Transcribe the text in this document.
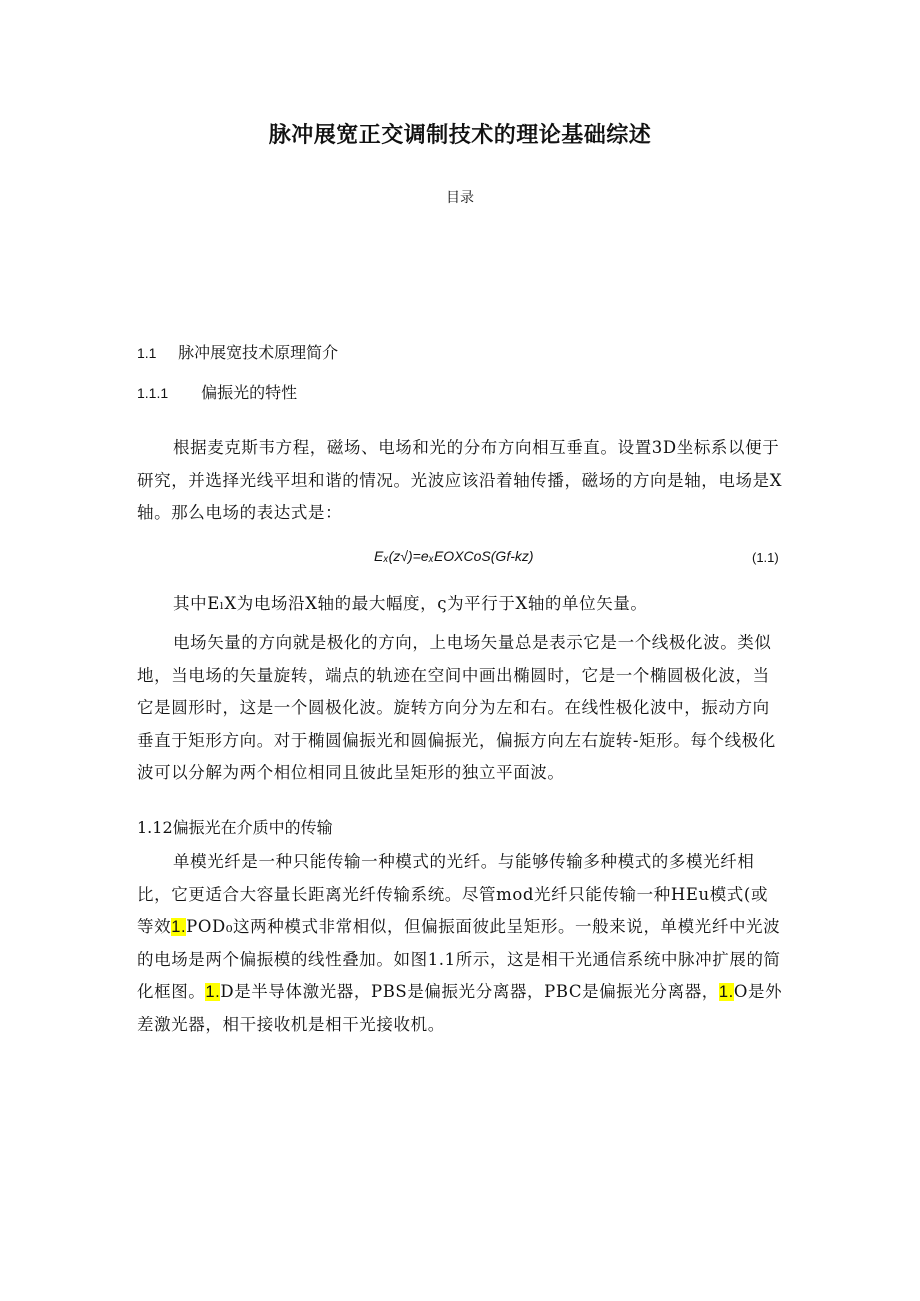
脉冲展宽正交调制技术的理论基础综述
目录
1.1 脉冲展宽技术原理简介
1.1.1 偏振光的特性

根据麦克斯韦方程，磁场、电场和光的分布方向相互垂直。设置3D坐标系以便于研究，并选择光线平坦和谐的情况。光波应该沿着轴传播，磁场的方向是轴，电场是X轴。那么电场的表达式是：

Eₓ(z√)=eₓEOXCoS(Gf-kz)	(1.1)

其中EₗX为电场沿X轴的最大幅度，ς为平行于X轴的单位矢量。

电场矢量的方向就是极化的方向，上电场矢量总是表示它是一个线极化波。类似地，当电场的矢量旋转，端点的轨迹在空间中画出椭圆时，它是一个椭圆极化波，当它是圆形时，这是一个圆极化波。旋转方向分为左和右。在线性极化波中，振动方向垂直于矩形方向。对于椭圆偏振光和圆偏振光，偏振方向左右旋转-矩形。每个线极化波可以分解为两个相位相同且彼此呈矩形的独立平面波。

1.12偏振光在介质中的传输

单模光纤是一种只能传输一种模式的光纤。与能够传输多种模式的多模光纤相比，它更适合大容量长距离光纤传输系统。尽管mod光纤只能传输一种HEu模式(或等效1.POD₀这两种模式非常相似，但偏振面彼此呈矩形。一般来说，单模光纤中光波的电场是两个偏振模的线性叠加。如图1.1所示，这是相干光通信系统中脉冲扩展的简化框图。1.D是半导体激光器，PBS是偏振光分离器，PBC是偏振光分离器，1.O是外差激光器，相干接收机是相干光接收机。
